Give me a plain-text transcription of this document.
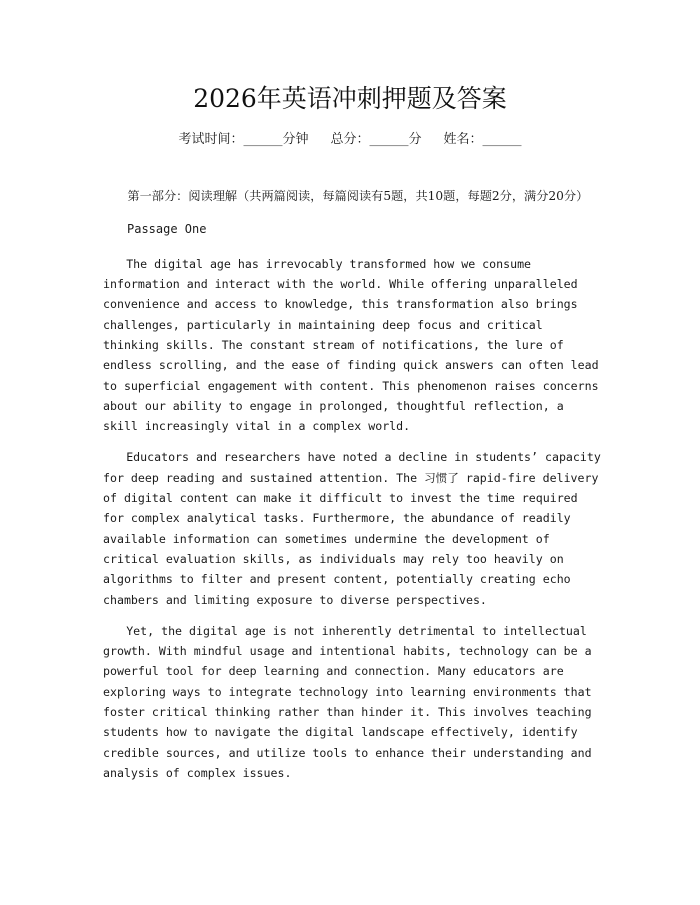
2026年英语冲刺押题及答案
考试时间：______分钟 总分：______分 姓名：______

第一部分：阅读理解（共两篇阅读，每篇阅读有5题，共10题，每题2分，满分20分）

Passage One

The digital age has irrevocably transformed how we consume information and interact with the world. While offering unparalleled convenience and access to knowledge, this transformation also brings challenges, particularly in maintaining deep focus and critical thinking skills. The constant stream of notifications, the lure of endless scrolling, and the ease of finding quick answers can often lead to superficial engagement with content. This phenomenon raises concerns about our ability to engage in prolonged, thoughtful reflection, a skill increasingly vital in a complex world.

Educators and researchers have noted a decline in students’ capacity for deep reading and sustained attention. The 习惯了 rapid-fire delivery of digital content can make it difficult to invest the time required for complex analytical tasks. Furthermore, the abundance of readily available information can sometimes undermine the development of critical evaluation skills, as individuals may rely too heavily on algorithms to filter and present content, potentially creating echo chambers and limiting exposure to diverse perspectives.

Yet, the digital age is not inherently detrimental to intellectual growth. With mindful usage and intentional habits, technology can be a powerful tool for deep learning and connection. Many educators are exploring ways to integrate technology into learning environments that foster critical thinking rather than hinder it. This involves teaching students how to navigate the digital landscape effectively, identify credible sources, and utilize tools to enhance their understanding and analysis of complex issues.
